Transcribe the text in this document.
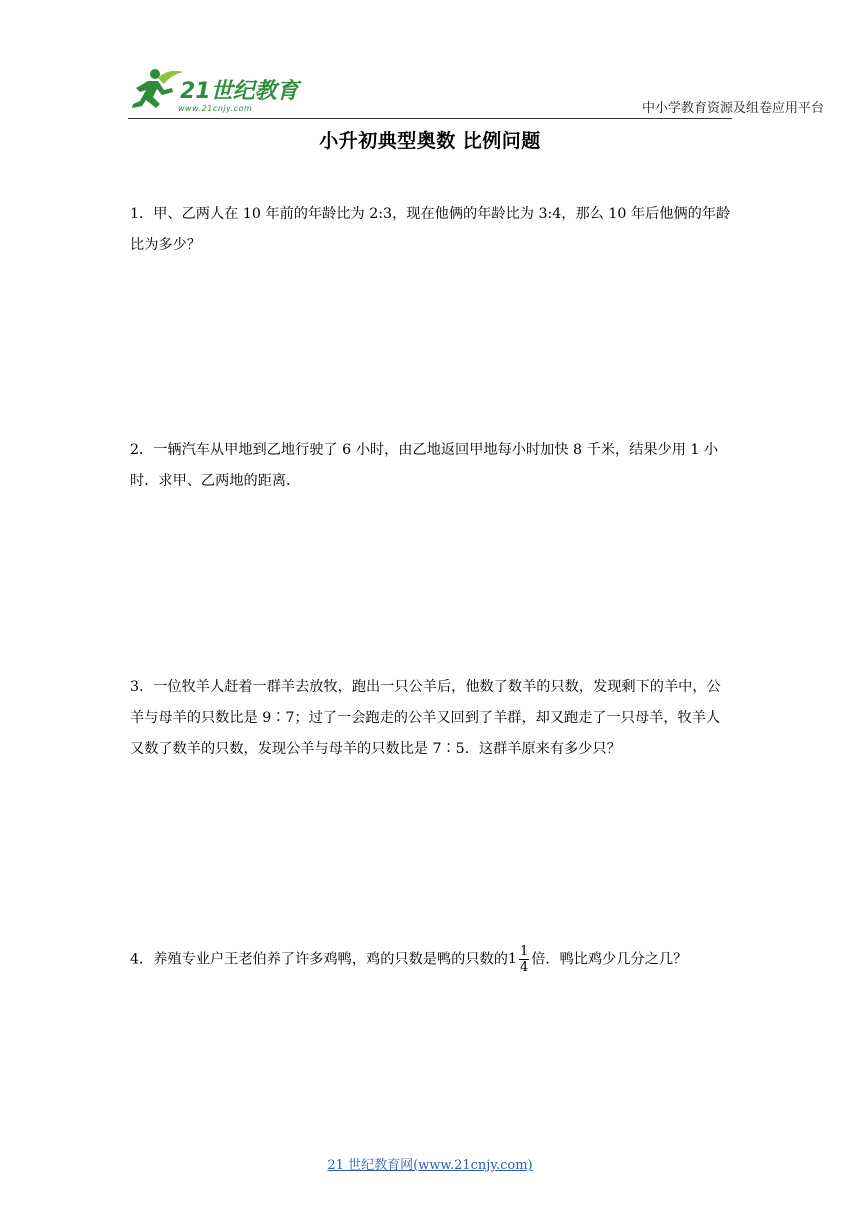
21世纪教育
www.21cnjy.com	中小学教育资源及组卷应用平台
小升初典型奥数 比例问题
1．甲、乙两人在 10 年前的年龄比为 2:3，现在他俩的年龄比为 3:4，那么 10 年后他俩的年龄比为多少？
2．一辆汽车从甲地到乙地行驶了 6 小时，由乙地返回甲地每小时加快 8 千米，结果少用 1 小时．求甲、乙两地的距离．
3．一位牧羊人赶着一群羊去放牧，跑出一只公羊后，他数了数羊的只数，发现剩下的羊中，公羊与母羊的只数比是 9∶7；过了一会跑走的公羊又回到了羊群，却又跑走了一只母羊，牧羊人又数了数羊的只数，发现公羊与母羊的只数比是 7∶5．这群羊原来有多少只？
4．养殖专业户王老伯养了许多鸡鸭，鸡的只数是鸭的只数的$1 \frac{1}{4}$ 倍．鸭比鸡少几分之几？
21 世纪教育网(www.21cnjy.com)
